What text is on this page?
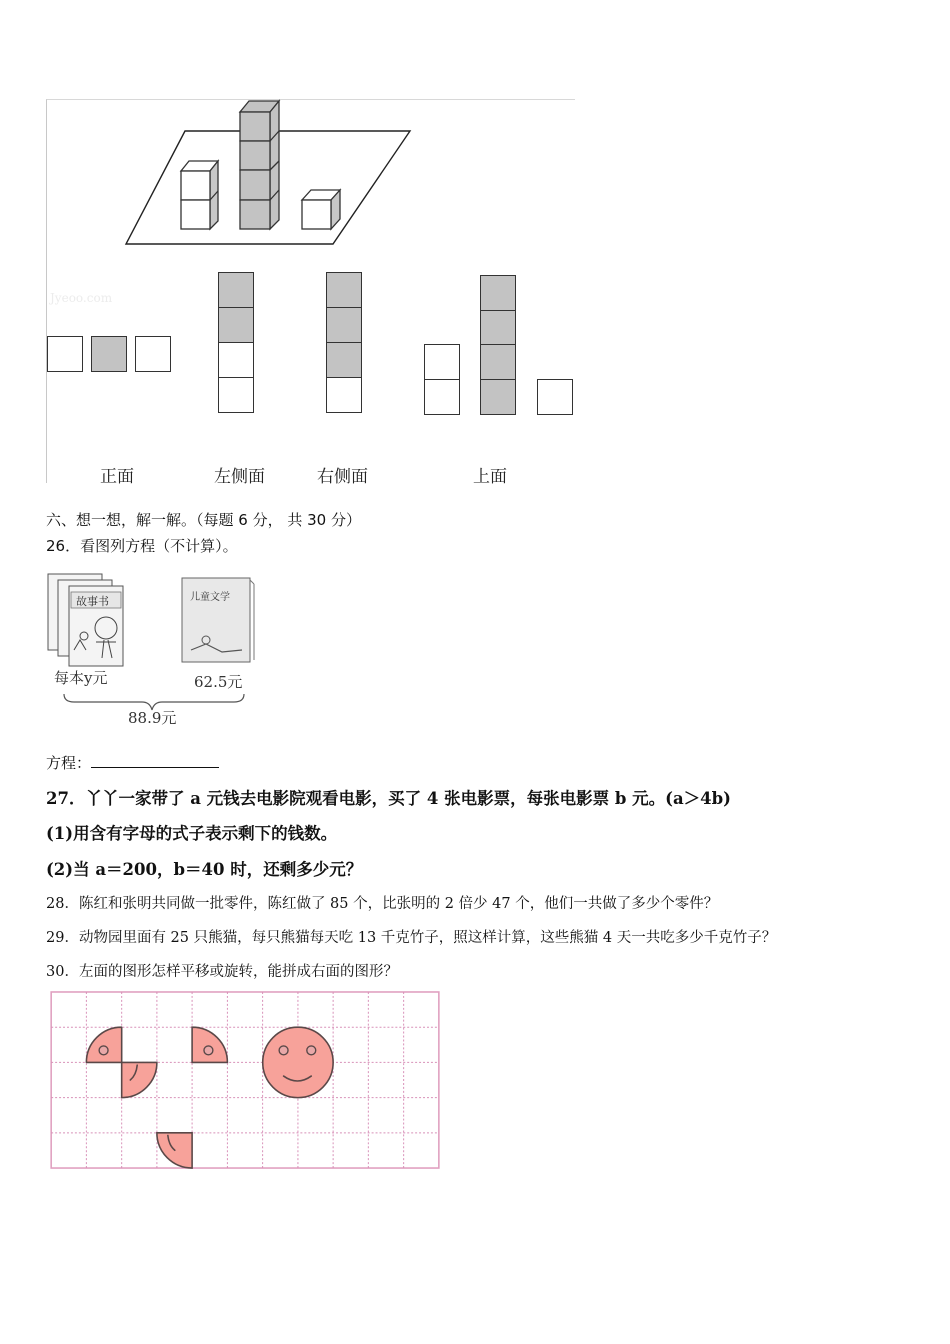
Jyeoo.com
正面	左侧面	右侧面	上面
六、想一想，解一解。（每题 6 分， 共 30 分）
26．看图列方程（不计算）。
故事书	儿童文学
每本y元	62.5元
88.9元
方程：
27．丫丫一家带了 a 元钱去电影院观看电影，买了 4 张电影票，每张电影票 b 元。(a＞4b)
(1)用含有字母的式子表示剩下的钱数。
(2)当 a＝200，b＝40 时，还剩多少元？
28．陈红和张明共同做一批零件，陈红做了 85 个，比张明的 2 倍少 47 个，他们一共做了多少个零件？
29．动物园里面有 25 只熊猫，每只熊猫每天吃 13 千克竹子，照这样计算，这些熊猫 4 天一共吃多少千克竹子？
30．左面的图形怎样平移或旋转，能拼成右面的图形？
